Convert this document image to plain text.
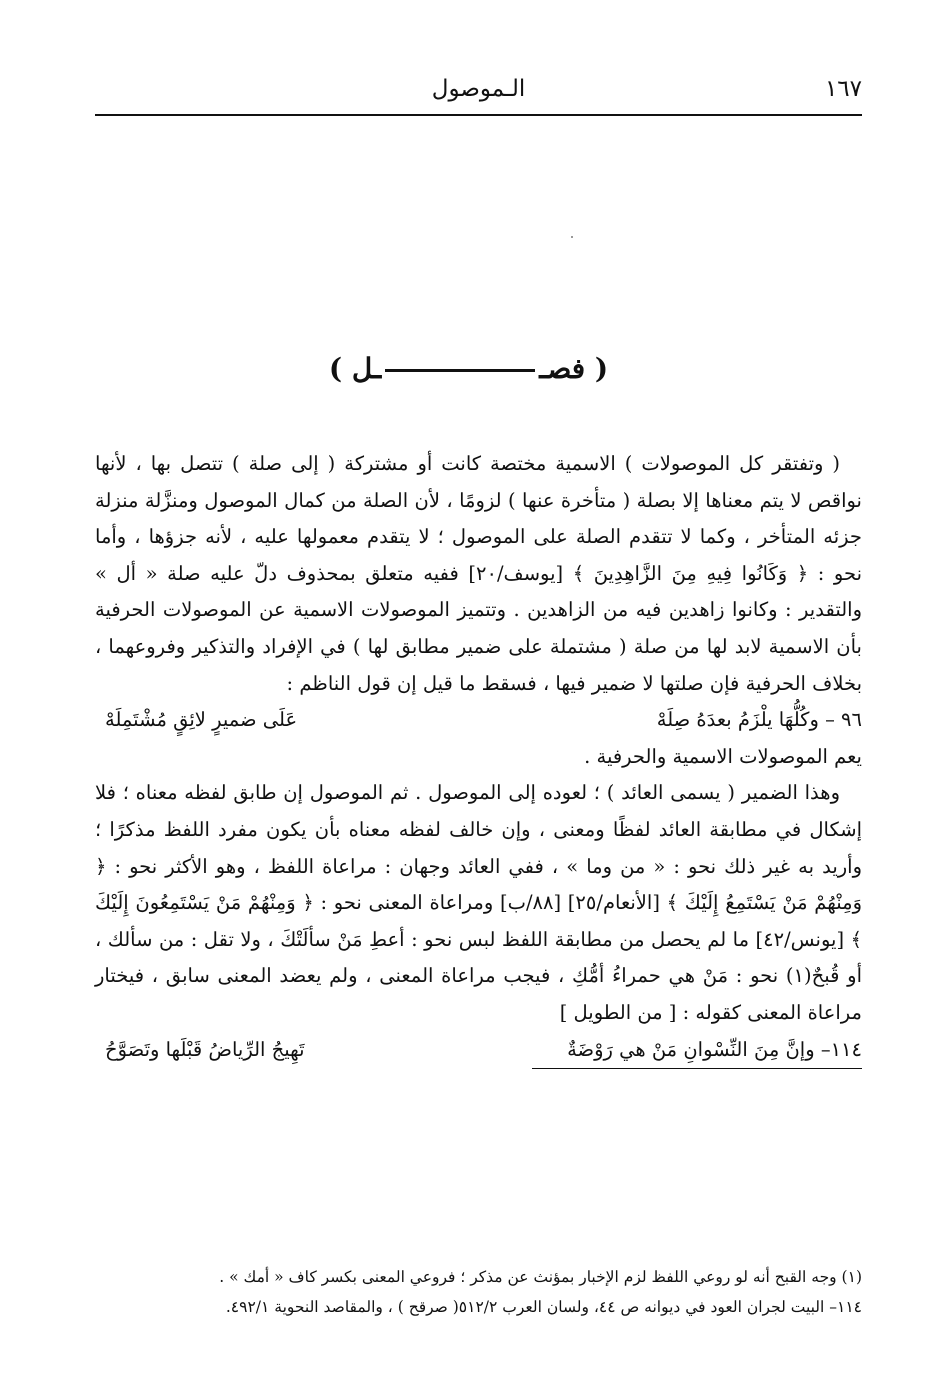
الـموصول	١٦٧
( فصــل )

( وتفتقر كل الموصولات ) الاسمية مختصة كانت أو مشتركة ( إلى صلة ) تتصل بها ، لأنها نواقص لا يتم معناها إلا بصلة ( متأخرة عنها ) لزومًا ، لأن الصلة من كمال الموصول ومنزَّلة منزلة جزئه المتأخر ، وكما لا تتقدم الصلة على الموصول ؛ لا يتقدم معمولها عليه ، لأنه جزؤها ، وأما نحو : ﴿ وَكَانُوا فِيهِ مِنَ الزَّاهِدِينَ ﴾ [يوسف/٢٠] ففيه متعلق بمحذوف دلّ عليه صلة « أل » والتقدير : وكانوا زاهدين فيه من الزاهدين . وتتميز الموصولات الاسمية عن الموصولات الحرفية بأن الاسمية لابد لها من صلة ( مشتملة على ضمير مطابق لها ) في الإفراد والتذكير وفروعهما ، بخلاف الحرفية فإن صلتها لا ضمير فيها ، فسقط ما قيل إن قول الناظم :

٩٦ – وكُلُّهَا يلْزَمُ بعدَهُ صِلَهْ
عَلَى ضميرٍ لائِقٍ مُشْتَمِلَهْ

يعم الموصولات الاسمية والحرفية .

وهذا الضمير ( يسمى العائد ) ؛ لعوده إلى الموصول . ثم الموصول إن طابق لفظه معناه ؛ فلا إشكال في مطابقة العائد لفظًا ومعنى ، وإن خالف لفظه معناه بأن يكون مفرد اللفظ مذكرًا ؛ وأريد به غير ذلك نحو : « من وما » ، ففي العائد وجهان : مراعاة اللفظ ، وهو الأكثر نحو : ﴿ وَمِنْهُمْ مَنْ يَسْتَمِعُ إِلَيْكَ ﴾ [الأنعام/٢٥] [٨٨/ب] ومراعاة المعنى نحو : ﴿ وَمِنْهُمْ مَنْ يَسْتَمِعُونَ إِلَيْكَ ﴾ [يونس/٤٢] ما لم يحصل من مطابقة اللفظ لبس نحو : أعطِ مَنْ سألَتْكَ ، ولا تقل : من سألك ، أو قُبحٌ(١) نحو : مَنْ هي حمراءُ أمُّكِ ، فيجب مراعاة المعنى ، ولم يعضد المعنى سابق ، فيختار مراعاة المعنى كقوله : [ من الطويل ]

١١٤– وإنَّ مِنَ النِّسْوانِ مَنْ هي رَوْضَةٌ
تَهِيجُ الرِّياضُ قَبْلَها وتَصَوَّحُ

(١) وجه القبح أنه لو روعي اللفظ لزم الإخبار بمؤنث عن مذكر ؛ فروعي المعنى بكسر كاف « أمك » .

١١٤– البيت لجران العود في ديوانه ص ٤٤، ولسان العرب ٥١٢/٢( صرقح ) ، والمقاصد النحوية ٤٩٢/١.
